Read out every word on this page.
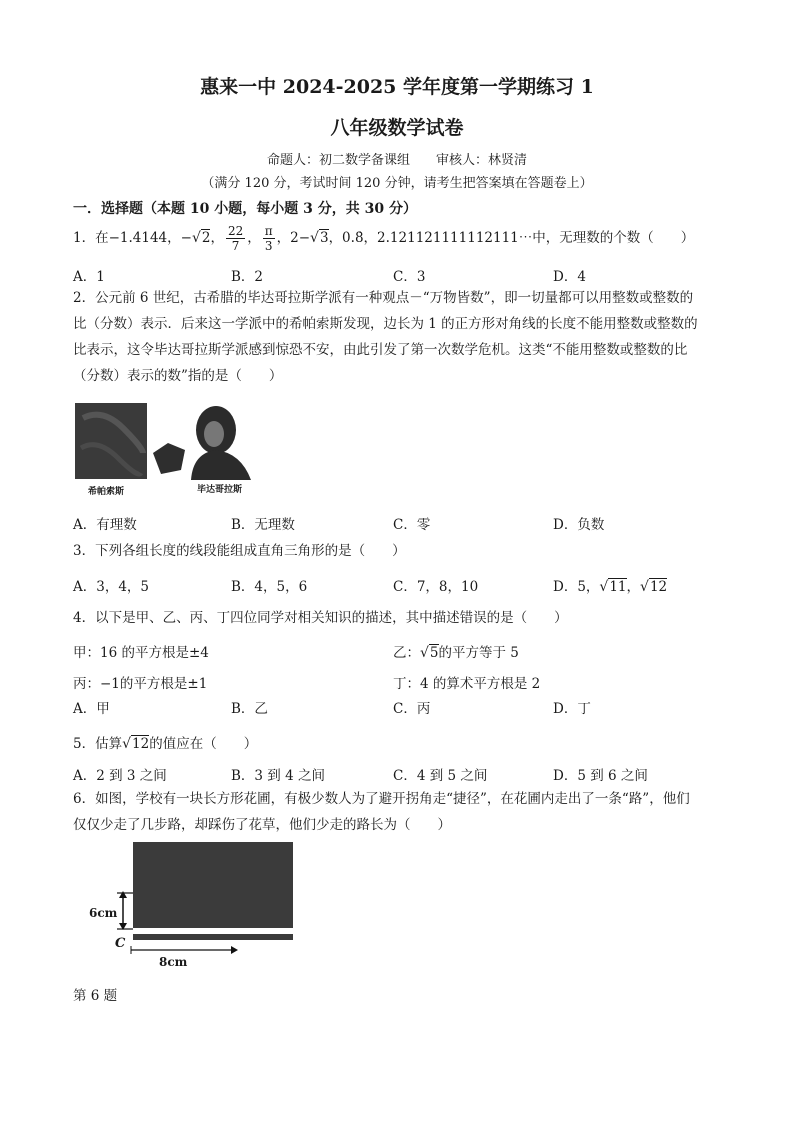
惠来一中 2024-2025 学年度第一学期练习 1
八年级数学试卷
命题人：初二数学备课组　　审核人：林贤清
（满分 120 分，考试时间 120 分钟，请考生把答案填在答题卷上）
一．选择题（本题 10 小题，每小题 3 分，共 30 分）
1．在−1.4144，−√2， $\frac{22}{7}$ ， $\frac{\pi}{3}$ ，2−√3，0.8̇，2.121121111112111⋯中，无理数的个数（　　）
A．1	B．2	C．3	D．4
2．公元前 6 世纪，古希腊的毕达哥拉斯学派有一种观点－“万物皆数”，即一切量都可以用整数或整数的
比（分数）表示．后来这一学派中的希帕索斯发现，边长为 1 的正方形对角线的长度不能用整数或整数的
比表示，这令毕达哥拉斯学派感到惊恐不安，由此引发了第一次数学危机。这类“不能用整数或整数的比
（分数）表示的数”指的是（　　）
希帕索斯	毕达哥拉斯
A．有理数	B．无理数	C．零	D．负数
3．下列各组长度的线段能组成直角三角形的是（　　）
A．3，4，5	B．4，5，6	C．7，8，10	D．5，√11，√12
4．以下是甲、乙、丙、丁四位同学对相关知识的描述，其中描述错误的是（　　）
甲：16 的平方根是±4	乙：√5的平方等于 5
丙：−1的平方根是±1	丁：4 的算术平方根是 2
A．甲	B．乙	C．丙	D．丁
5．估算√12的值应在（　　）
A．2 到 3 之间	B．3 到 4 之间	C．4 到 5 之间	D．5 到 6 之间
6．如图，学校有一块长方形花圃，有极少数人为了避开拐角走“捷径”，在花圃内走出了一条“路”，他们
仅仅少走了几步路，却踩伤了花草，他们少走的路长为（　　）
6cm
C
8cm
第 6 题
